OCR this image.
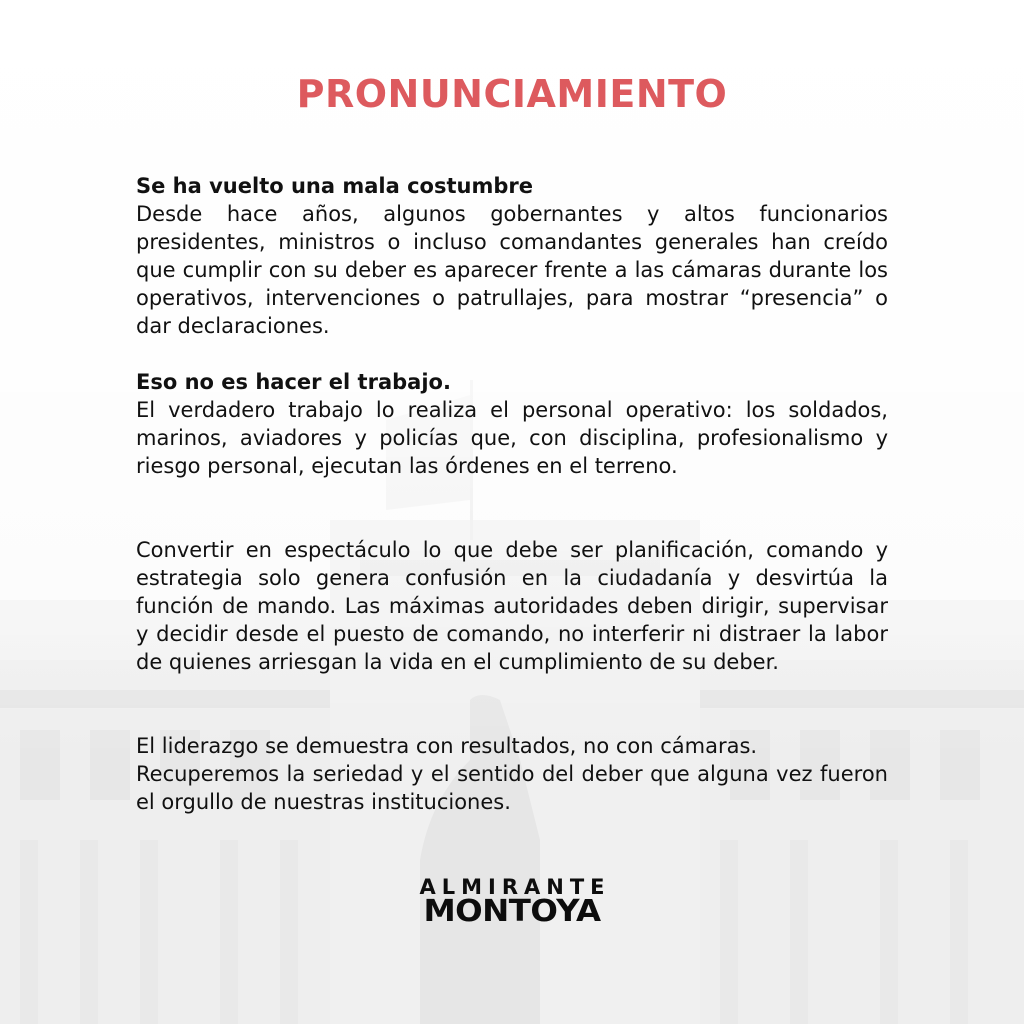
PRONUNCIAMIENTO

Se ha vuelto una mala costumbre

Desde hace años, algunos gobernantes y altos funcionarios presidentes, ministros o incluso comandantes generales han creído que cumplir con su deber es aparecer frente a las cámaras durante los operativos, intervenciones o patrullajes, para mostrar “presencia” o dar declaraciones.

Eso no es hacer el trabajo.

El verdadero trabajo lo realiza el personal operativo: los soldados, marinos, aviadores y policías que, con disciplina, profesionalismo y riesgo personal, ejecutan las órdenes en el terreno.

Convertir en espectáculo lo que debe ser planificación, comando y estrategia solo genera confusión en la ciudadanía y desvirtúa la función de mando. Las máximas autoridades deben dirigir, supervisar y decidir desde el puesto de comando, no interferir ni distraer la labor de quienes arriesgan la vida en el cumplimiento de su deber.

El liderazgo se demuestra con resultados, no con cámaras.

Recuperemos la seriedad y el sentido del deber que alguna vez fueron el orgullo de nuestras instituciones.

ALMIRANTE
MONTOYA
